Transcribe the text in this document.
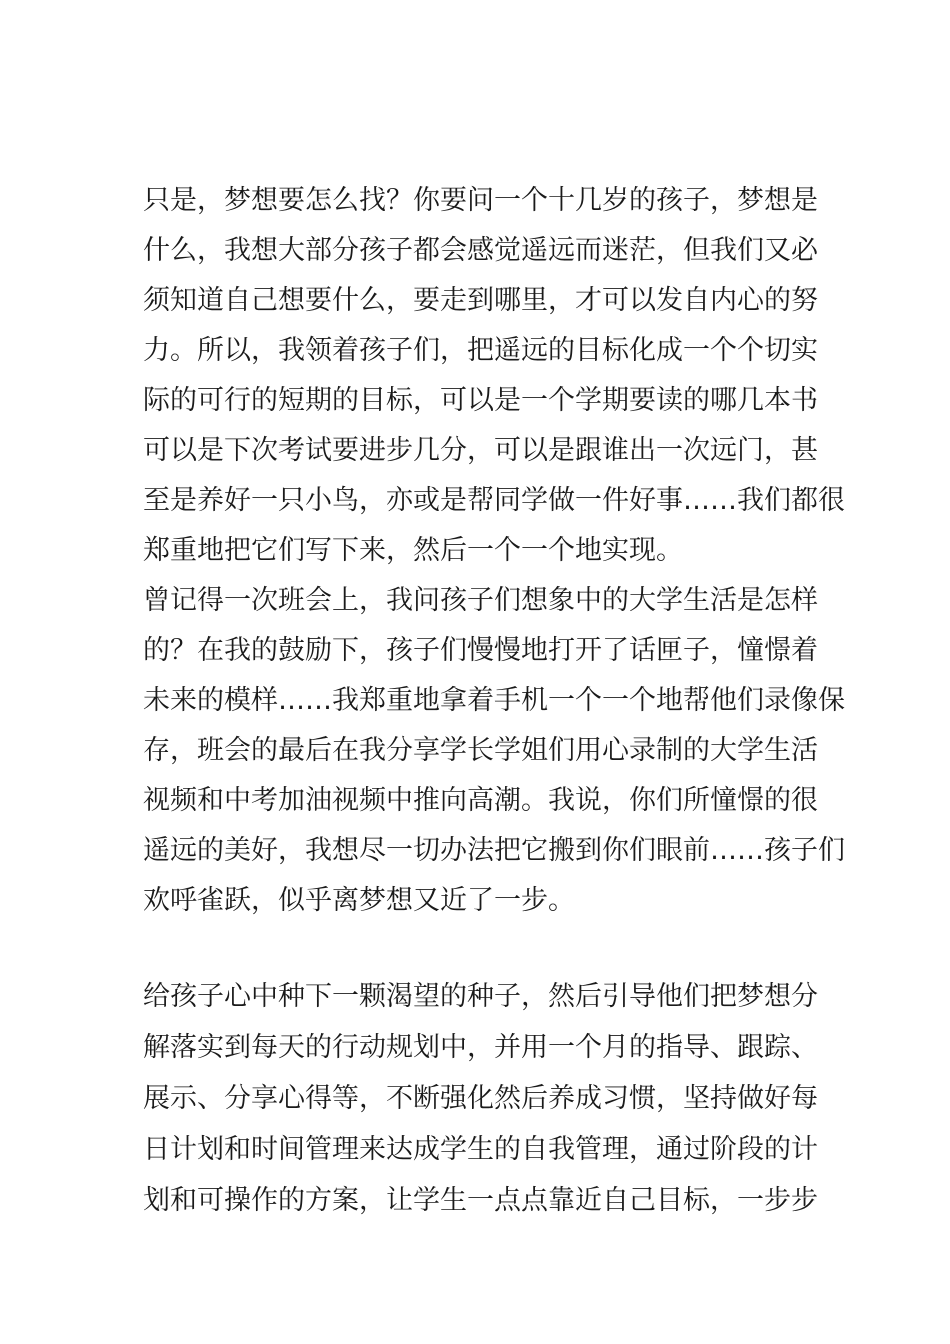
只是，梦想要怎么找？你要问一个十几岁的孩子，梦想是
什么，我想大部分孩子都会感觉遥远而迷茫，但我们又必
须知道自己想要什么，要走到哪里，才可以发自内心的努
力。所以，我领着孩子们，把遥远的目标化成一个个切实
际的可行的短期的目标，可以是一个学期要读的哪几本书
可以是下次考试要进步几分，可以是跟谁出一次远门，甚
至是养好一只小鸟，亦或是帮同学做一件好事……我们都很
郑重地把它们写下来，然后一个一个地实现。
曾记得一次班会上，我问孩子们想象中的大学生活是怎样
的？在我的鼓励下，孩子们慢慢地打开了话匣子，憧憬着
未来的模样……我郑重地拿着手机一个一个地帮他们录像保
存，班会的最后在我分享学长学姐们用心录制的大学生活
视频和中考加油视频中推向高潮。我说，你们所憧憬的很
遥远的美好，我想尽一切办法把它搬到你们眼前……孩子们
欢呼雀跃，似乎离梦想又近了一步。
给孩子心中种下一颗渴望的种子，然后引导他们把梦想分
解落实到每天的行动规划中，并用一个月的指导、跟踪、
展示、分享心得等，不断强化然后养成习惯，坚持做好每
日计划和时间管理来达成学生的自我管理，通过阶段的计
划和可操作的方案，让学生一点点靠近自己目标，一步步
